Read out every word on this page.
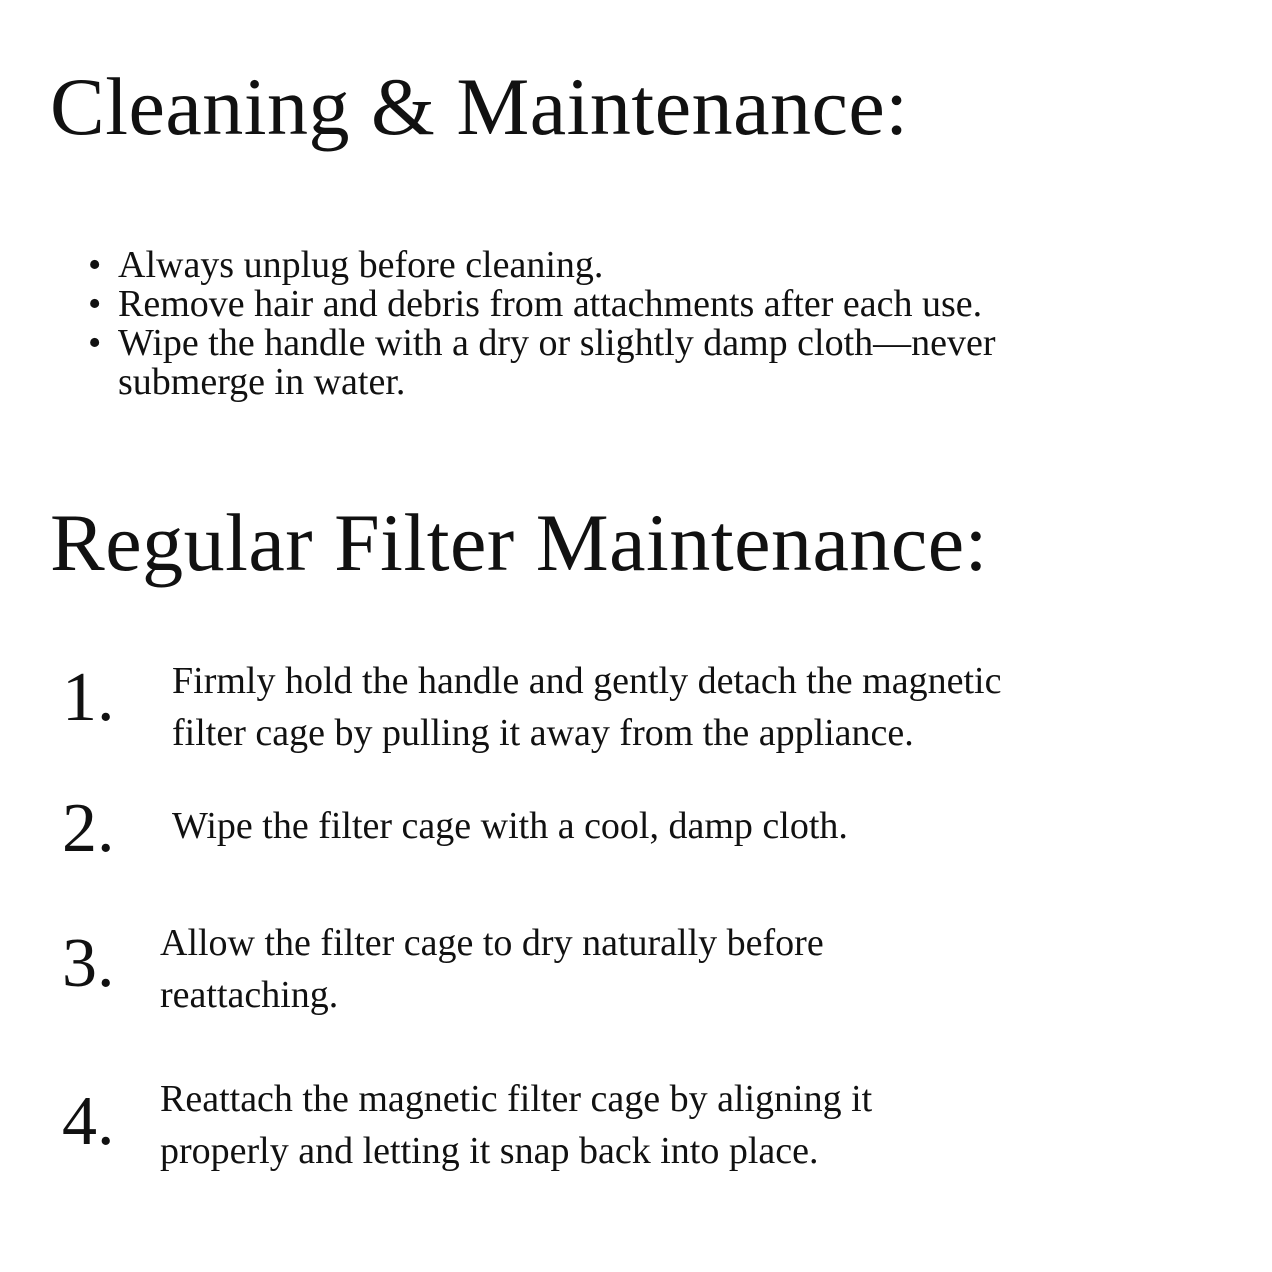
Cleaning & Maintenance:
• Always unplug before cleaning.
• Remove hair and debris from attachments after each use.
• Wipe the handle with a dry or slightly damp cloth—never submerge in water.
Regular Filter Maintenance:
1. Firmly hold the handle and gently detach the magnetic
filter cage by pulling it away from the appliance.
2. Wipe the filter cage with a cool, damp cloth.
3. Allow the filter cage to dry naturally before
reattaching.
4. Reattach the magnetic filter cage by aligning it
properly and letting it snap back into place.
